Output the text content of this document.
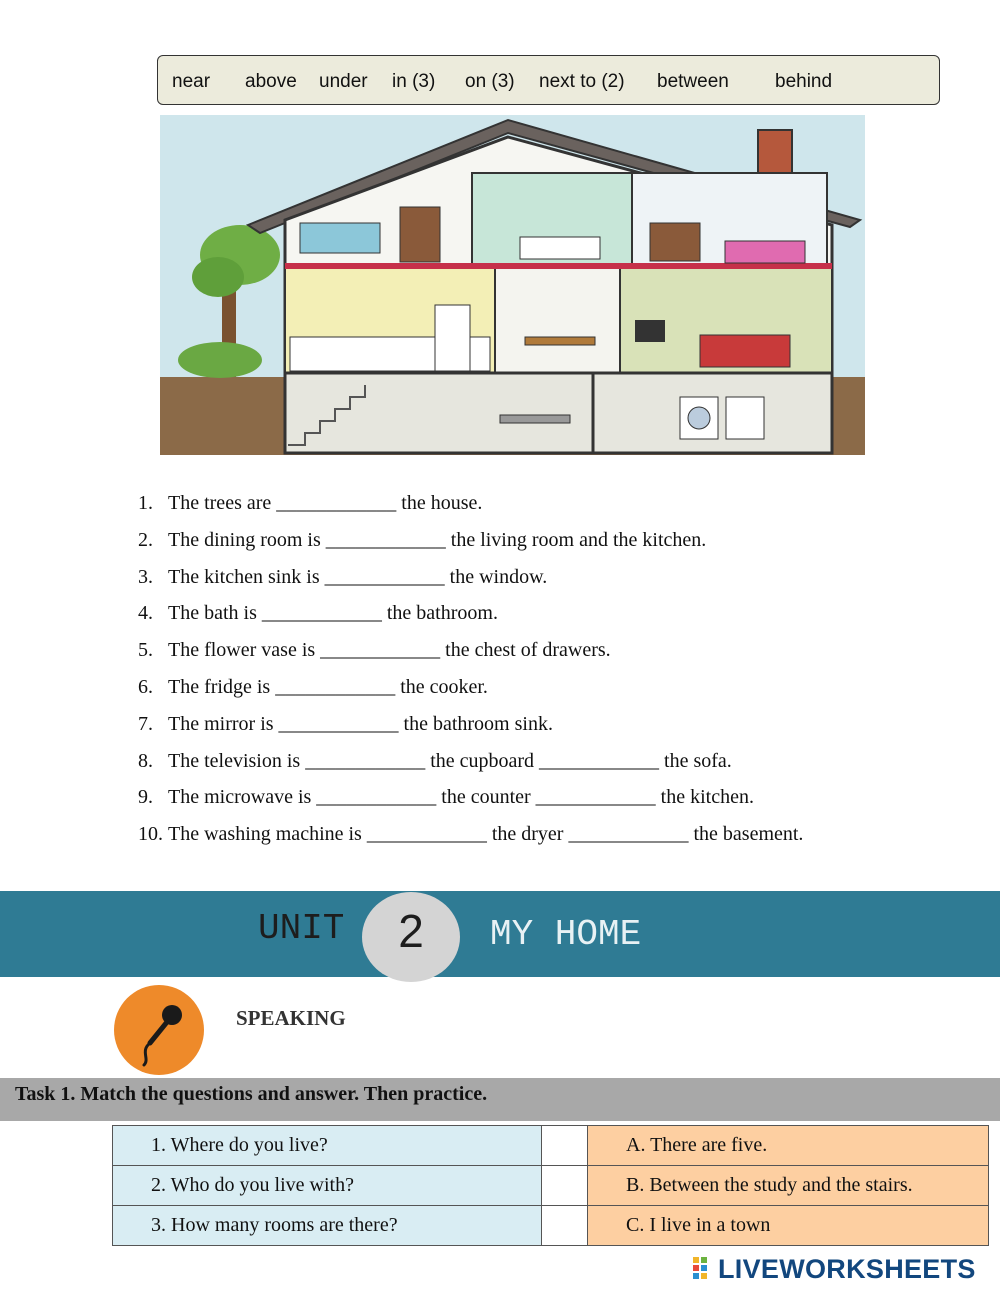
near above under in (3) on (3) next to (2) between behind
1. The trees are ____________ the house.
2. The dining room is ____________ the living room and the kitchen.
3. The kitchen sink is ____________ the window.
4. The bath is ____________ the bathroom.
5. The flower vase is ____________ the chest of drawers.
6. The fridge is ____________ the cooker.
7. The mirror is ____________ the bathroom sink.
8. The television is ____________ the cupboard ____________ the sofa.
9. The microwave is ____________ the counter ____________ the kitchen.
10. The washing machine is ____________ the dryer ____________ the basement.
UNIT	2	MY HOME
SPEAKING
Task 1. Match the questions and answer. Then practice.
1. Where do you live?		A. There are five.
2. Who do you live with?		B. Between the study and the stairs.
3. How many rooms are there?		C. I live in a town
LIVEWORKSHEETS
